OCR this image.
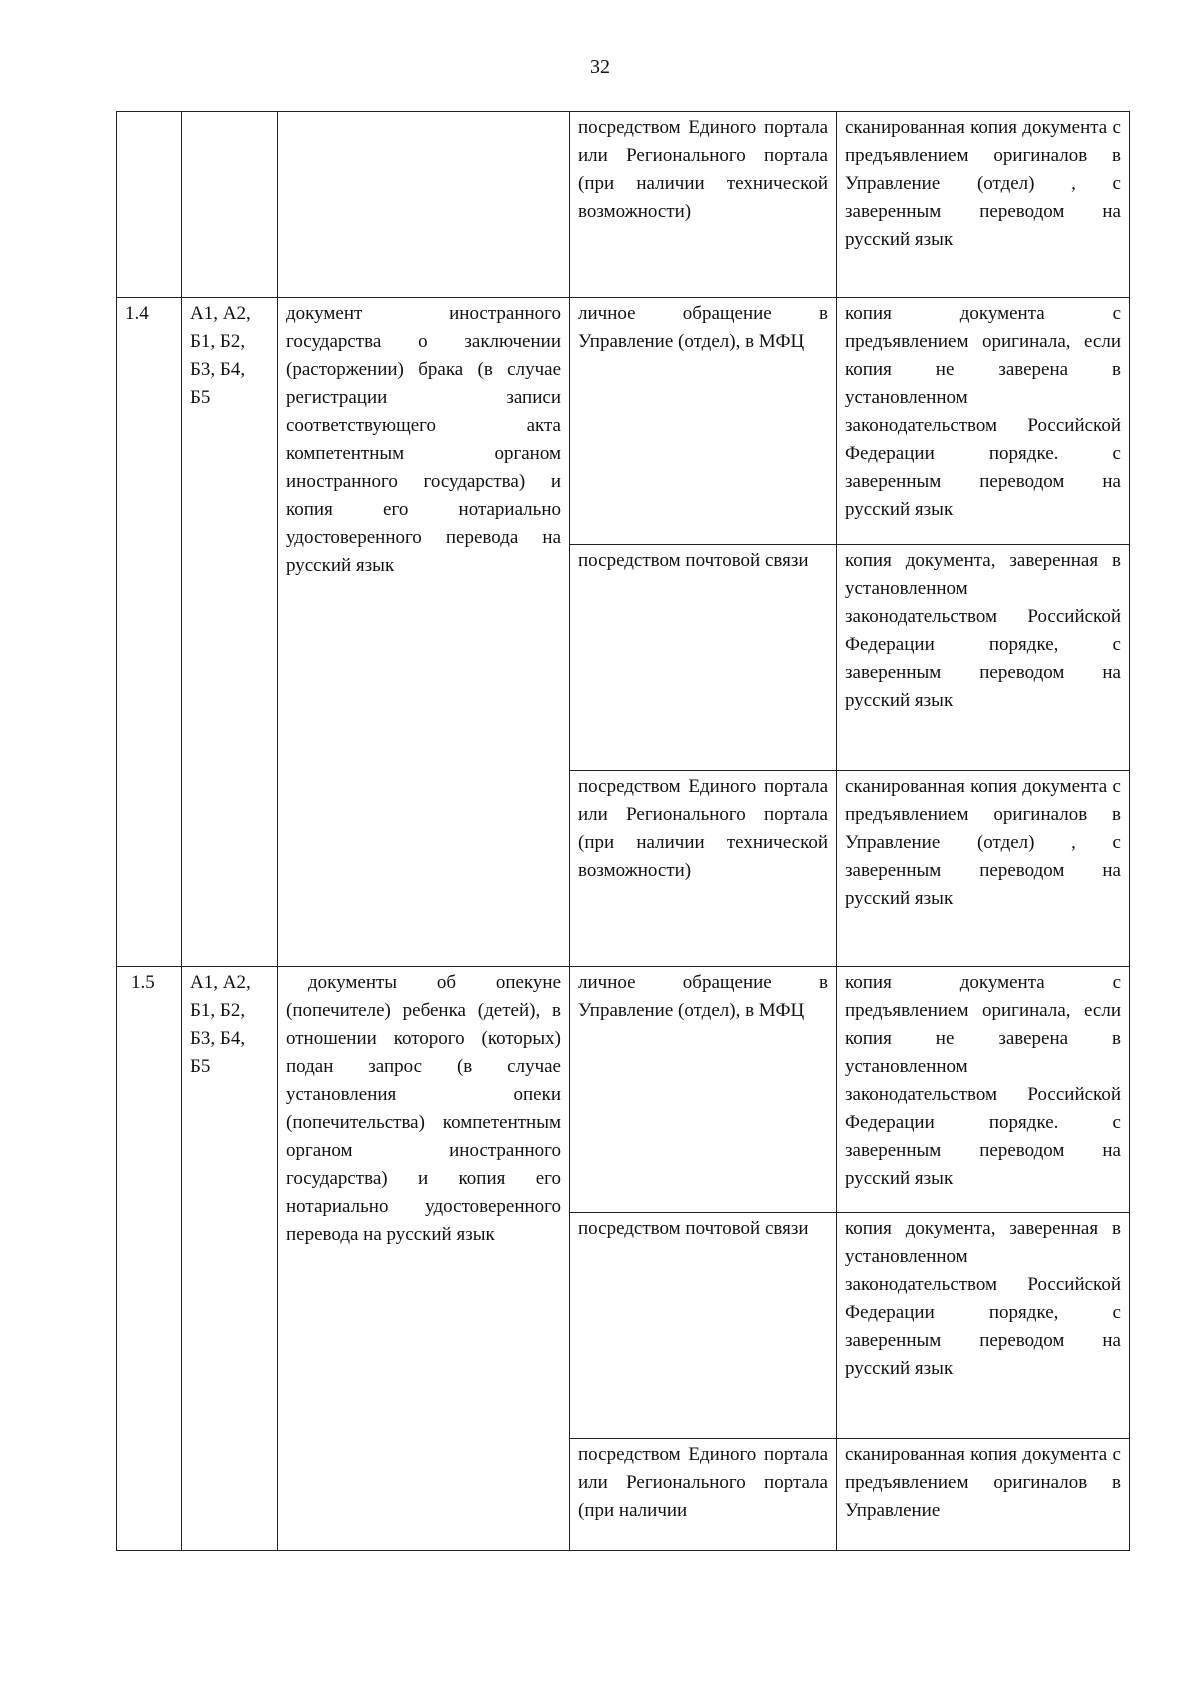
32
			посредством Единого портала или Регионального портала (при наличии технической возможности)	сканированная копия документа с предъявлением оригиналов в Управление (отдел) , с заверенным переводом на русский язык
1.4	А1, А2, Б1, Б2, Б3, Б4, Б5	документ иностранного государства о заключении (расторжении) брака (в случае регистрации записи соответствующего акта компетентным органом иностранного государства) и копия его нотариально удостоверенного перевода на русский язык	личное обращение в Управление (отдел), в МФЦ	копия документа с предъявлением оригинала, если копия не заверена в установленном законодательством Российской Федерации порядке. с заверенным переводом на русский язык
			посредством почтовой связи	копия документа, заверенная в установленном законодательством Российской Федерации порядке, с заверенным переводом на русский язык
			посредством Единого портала или Регионального портала (при наличии технической возможности)	сканированная копия документа с предъявлением оригиналов в Управление (отдел) , с заверенным переводом на русский язык
1.5	А1, А2, Б1, Б2, Б3, Б4, Б5	документы об опекуне (попечителе) ребенка (детей), в отношении которого (которых) подан запрос (в случае установления опеки (попечительства) компетентным органом иностранного государства) и копия его нотариально удостоверенного перевода на русский язык	личное обращение в Управление (отдел), в МФЦ	копия документа с предъявлением оригинала, если копия не заверена в установленном законодательством Российской Федерации порядке. с заверенным переводом на русский язык
			посредством почтовой связи	копия документа, заверенная в установленном законодательством Российской Федерации порядке, с заверенным переводом на русский язык
			посредством Единого портала или Регионального портала (при наличии	сканированная копия документа с предъявлением оригиналов в Управление
